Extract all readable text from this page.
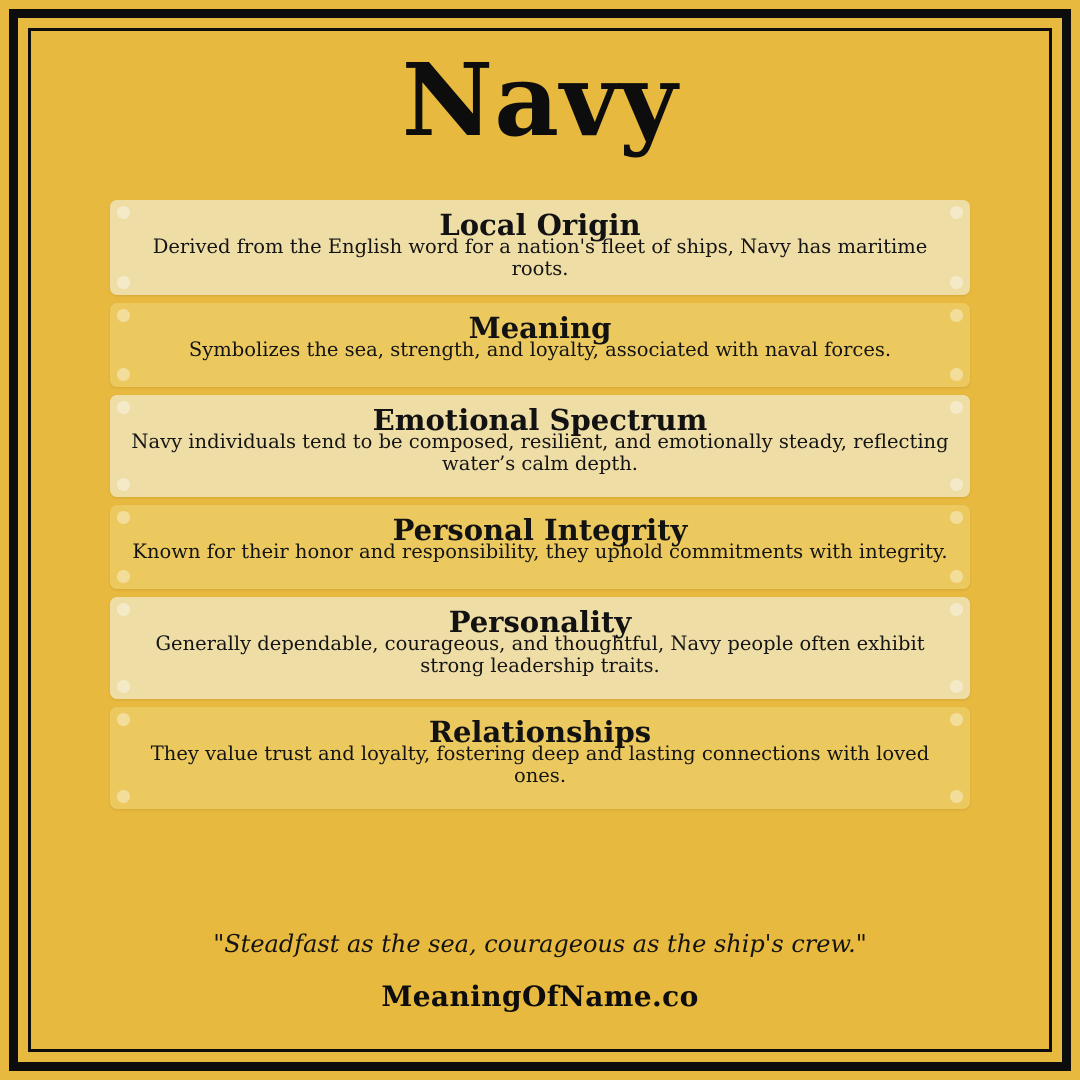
Navy
Local Origin
Derived from the English word for a nation's fleet of ships, Navy has maritime roots.
Meaning
Symbolizes the sea, strength, and loyalty, associated with naval forces.
Emotional Spectrum
Navy individuals tend to be composed, resilient, and emotionally steady, reflecting water’s calm depth.
Personal Integrity
Known for their honor and responsibility, they uphold commitments with integrity.
Personality
Generally dependable, courageous, and thoughtful, Navy people often exhibit strong leadership traits.
Relationships
They value trust and loyalty, fostering deep and lasting connections with loved ones.
"Steadfast as the sea, courageous as the ship's crew."
MeaningOfName.co
